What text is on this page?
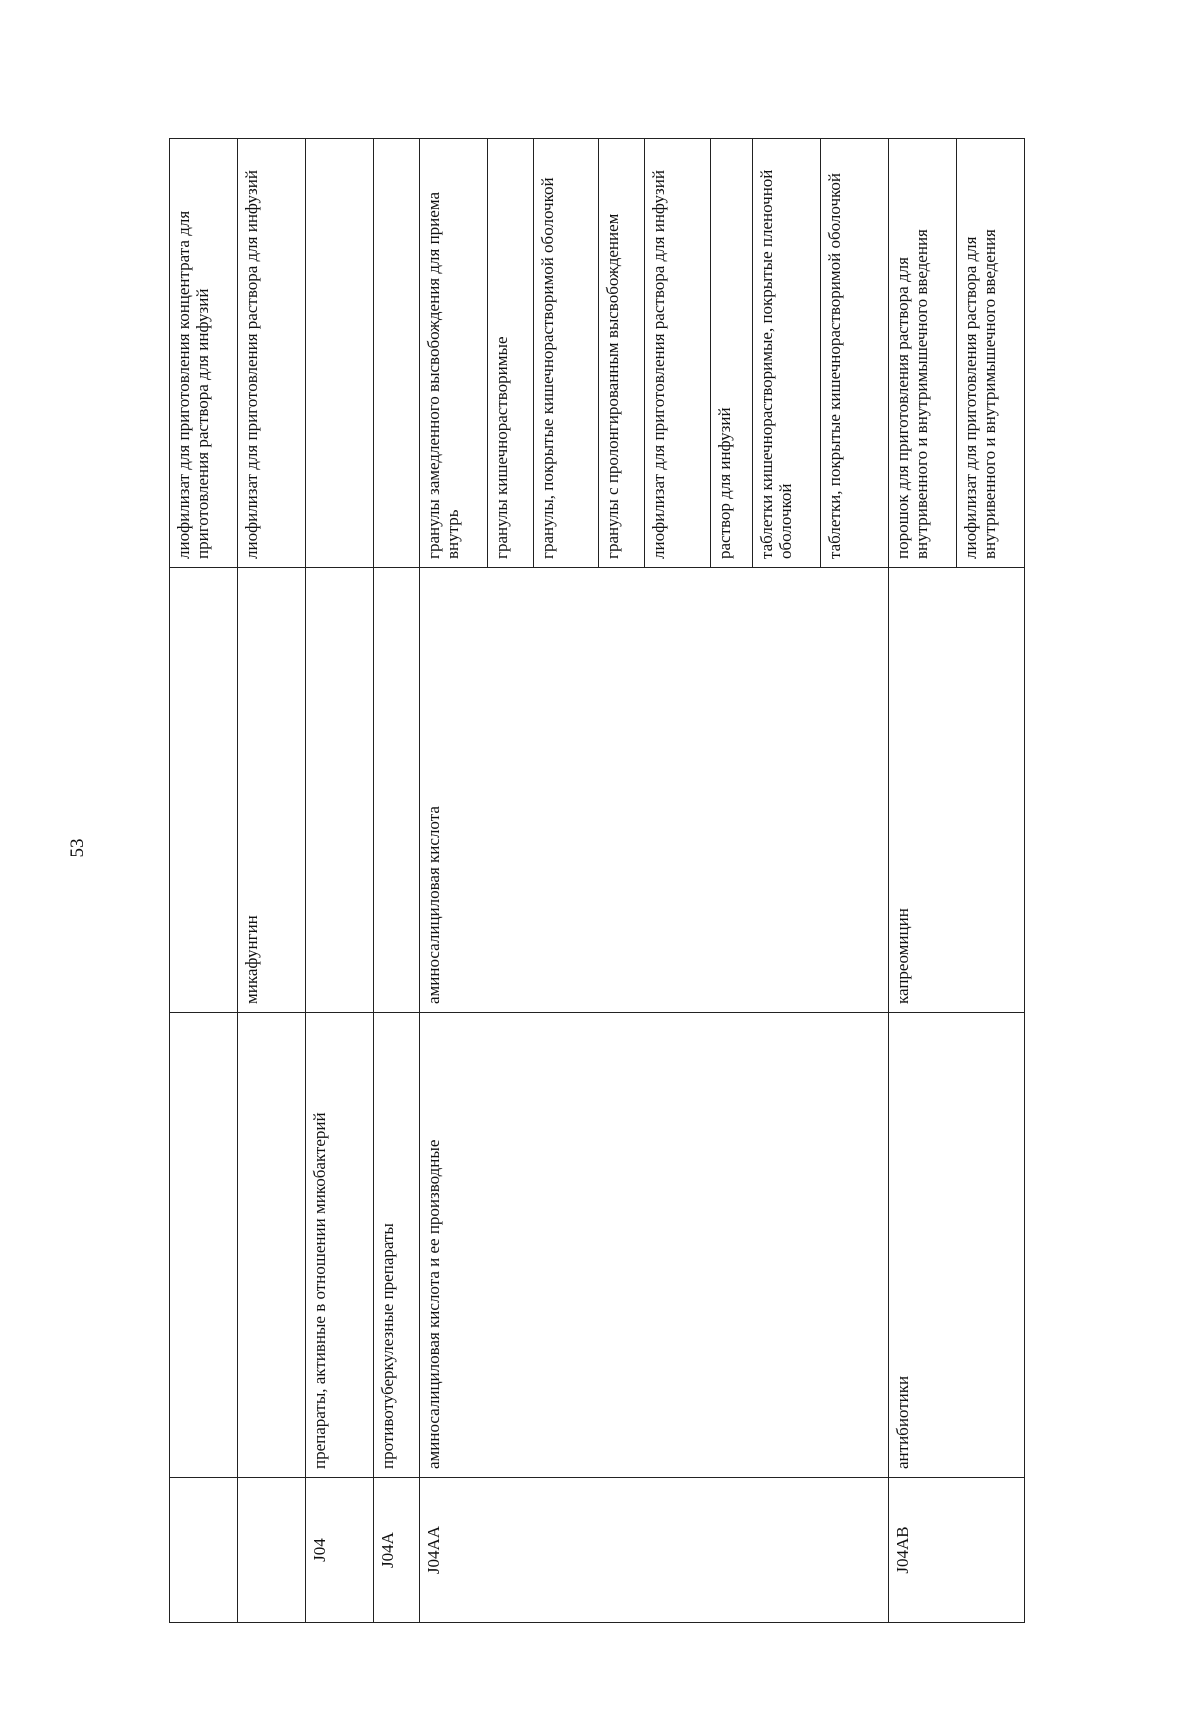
53
			лиофилизат для приготовления концентрата для приготовления раствора для инфузий
		микафунгин	лиофилизат для приготовления раствора для инфузий
J04	препараты, активные в отношении микобактерий		
J04A	противотуберкулезные препараты		
J04AA	аминосалициловая кислота и ее производные	аминосалициловая кислота	гранулы замедленного высвобождения для приема внутрь
			гранулы кишечнорастворимые
			гранулы, покрытые кишечнорастворимой оболочкой
			гранулы с пролонгированным высвобождением
			лиофилизат для приготовления раствора для инфузий
			раствор для инфузий
			таблетки кишечнорастворимые, покрытые пленочной оболочкой
			таблетки, покрытые кишечнорастворимой оболочкой
J04AB	антибиотики	капреомицин	порошок для приготовления раствора для внутривенного и внутримышечного введения
			лиофилизат для приготовления раствора для внутривенного и внутримышечного введения
